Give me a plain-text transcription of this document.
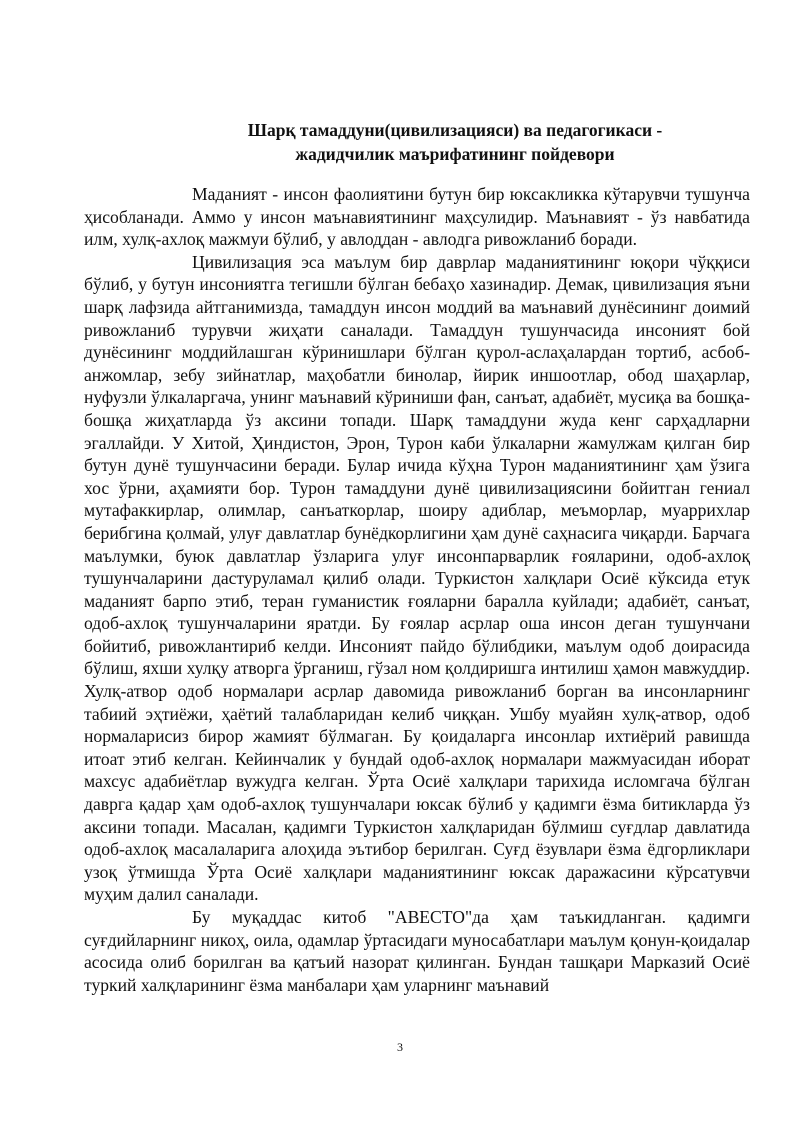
Шарқ тамаддуни(цивилизацияси) ва педагогикаси -
жадидчилик маърифатининг пойдевори

Маданият - инсон фаолиятини бутун бир юксакликка кўтарувчи тушунча ҳисобланади. Аммо у инсон маънавиятининг маҳсулидир. Маънавият - ўз навбатида илм, хулқ-ахлоқ мажмуи бўлиб, у авлоддан - авлодга ривожланиб боради.

Цивилизация эса маълум бир даврлар маданиятининг юқори чўққиси бўлиб, у бутун инсониятга тегишли бўлган бебаҳо хазинадир. Демак, цивилизация яъни шарқ лафзида айтганимизда, тамаддун инсон моддий ва маънавий дунёсининг доимий ривожланиб турувчи жиҳати саналади. Тамаддун тушунчасида инсоният бой дунёсининг моддийлашган кўринишлари бўлган қурол-аслаҳалардан тортиб, асбоб-анжомлар, зебу зийнатлар, маҳобатли бинолар, йирик иншоотлар, обод шаҳарлар, нуфузли ўлкаларгача, унинг маънавий кўриниши фан, санъат, адабиёт, мусиқа ва бошқа-бошқа жиҳатларда ўз аксини топади. Шарқ тамаддуни жуда кенг сарҳадларни эгаллайди. У Хитой, Ҳиндистон, Эрон, Турон каби ўлкаларни жамулжам қилган бир бутун дунё тушунчасини беради. Булар ичида кўҳна Турон маданиятининг ҳам ўзига хос ўрни, аҳамияти бор. Турон тамаддуни дунё цивилизациясини бойитган гениал мутафаккирлар, олимлар, санъаткорлар, шоиру адиблар, меъморлар, муаррихлар берибгина қолмай, улуғ давлатлар бунёдкорлигини ҳам дунё саҳнасига чиқарди. Барчага маълумки, буюк давлатлар ўзларига улуғ инсонпарварлик ғояларини, одоб-ахлоқ тушунчаларини дастуруламал қилиб олади. Туркистон халқлари Осиё кўксида етук маданият барпо этиб, теран гуманистик ғояларни баралла куйлади; адабиёт, санъат, одоб-ахлоқ тушунчаларини яратди. Бу ғоялар асрлар оша инсон деган тушунчани бойитиб, ривожлантириб келди. Инсоният пайдо бўлибдики, маълум одоб доирасида бўлиш, яхши хулқу атворга ўрганиш, гўзал ном қолдиришга интилиш ҳамон мавжуддир. Хулқ-атвор одоб нормалари асрлар давомида ривожланиб борган ва инсонларнинг табиий эҳтиёжи, ҳаётий талабларидан келиб чиққан. Ушбу муайян хулқ-атвор, одоб нормаларисиз бирор жамият бўлмаган. Бу қоидаларга инсонлар ихтиёрий равишда итоат этиб келган. Кейинчалик у бундай одоб-ахлоқ нормалари мажмуасидан иборат махсус адабиётлар вужудга келган. Ўрта Осиё халқлари тарихида исломгача бўлган даврга қадар ҳам одоб-ахлоқ тушунчалари юксак бўлиб у қадимги ёзма битикларда ўз аксини топади. Масалан, қадимги Туркистон халқларидан бўлмиш суғдлар давлатида одоб-ахлоқ масалаларига алоҳида эътибор берилган. Суғд ёзувлари ёзма ёдгорликлари узоқ ўтмишда Ўрта Осиё халқлари маданиятининг юксак даражасини кўрсатувчи муҳим далил саналади.

Бу муқаддас китоб "АВЕСТО"да ҳам таъкидланган. қадимги суғдийларнинг никоҳ, оила, одамлар ўртасидаги муносабатлари маълум қонун-қоидалар асосида олиб борилган ва қатъий назорат қилинган. Бундан ташқари Марказий Осиё туркий халқларининг ёзма манбалари ҳам уларнинг маънавий

3
